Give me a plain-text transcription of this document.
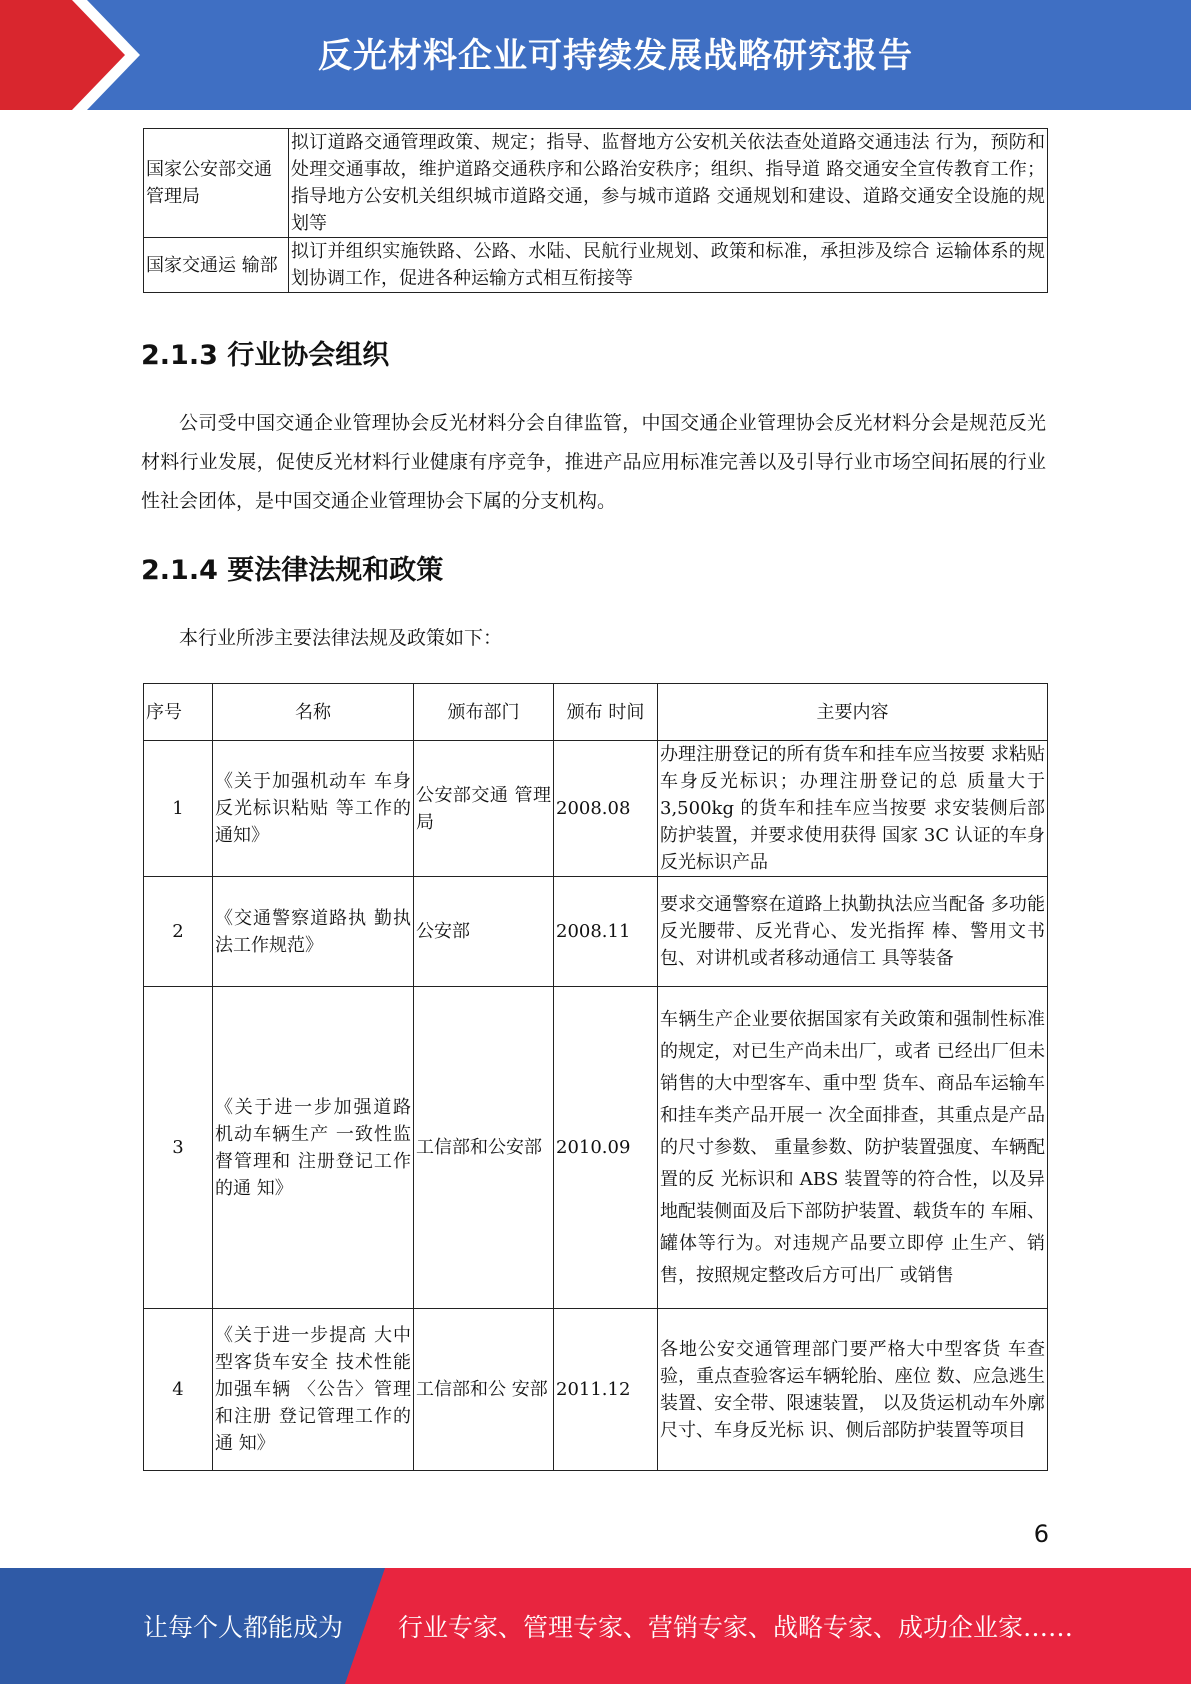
反光材料企业可持续发展战略研究报告
国家公安部交通管理局	拟订道路交通管理政策、规定；指导、监督地方公安机关依法查处道路交通违法 行为，预防和处理交通事故，维护道路交通秩序和公路治安秩序；组织、指导道 路交通安全宣传教育工作；指导地方公安机关组织城市道路交通，参与城市道路 交通规划和建设、道路交通安全设施的规划等
国家交通运 输部	拟订并组织实施铁路、公路、水陆、民航行业规划、政策和标准，承担涉及综合 运输体系的规划协调工作，促进各种运输方式相互衔接等
2.1.3 行业协会组织
公司受中国交通企业管理协会反光材料分会自律监管，中国交通企业管理协会反光材料分会是规范反光材料行业发展，促使反光材料行业健康有序竞争，推进产品应用标准完善以及引导行业市场空间拓展的行业性社会团体，是中国交通企业管理协会下属的分支机构。
2.1.4 要法律法规和政策
本行业所涉主要法律法规及政策如下：
序号	名称	颁布部门	颁布 时间	主要内容
1	《关于加强机动车 车身反光标识粘贴 等工作的通知》	公安部交通 管理局	2008.08	办理注册登记的所有货车和挂车应当按要 求粘贴车身反光标识；办理注册登记的总 质量大于 3,500kg 的货车和挂车应当按要 求安装侧后部防护装置，并要求使用获得 国家 3C 认证的车身反光标识产品
2	《交通警察道路执 勤执法工作规范》	公安部	2008.11	要求交通警察在道路上执勤执法应当配备 多功能反光腰带、反光背心、发光指挥 棒、警用文书包、对讲机或者移动通信工 具等装备
3	《关于进一步加强道路机动车辆生产 一致性监督管理和 注册登记工作的通 知》	工信部和公安部	2010.09	车辆生产企业要依据国家有关政策和强制性标准的规定，对已生产尚未出厂，或者 已经出厂但未销售的大中型客车、重中型 货车、商品车运输车和挂车类产品开展一 次全面排查，其重点是产品的尺寸参数、 重量参数、防护装置强度、车辆配置的反 光标识和 ABS 装置等的符合性，以及异 地配装侧面及后下部防护装置、载货车的 车厢、罐体等行为。对违规产品要立即停 止生产、销售，按照规定整改后方可出厂 或销售
4	《关于进一步提高 大中型客货车安全 技术性能加强车辆 〈公告〉管理和注册 登记管理工作的通 知》	工信部和公 安部	2011.12	各地公安交通管理部门要严格大中型客货 车查验，重点查验客运车辆轮胎、座位 数、应急逃生装置、安全带、限速装置， 以及货运机动车外廓尺寸、车身反光标 识、侧后部防护装置等项目
6
让每个人都能成为 行业专家、管理专家、营销专家、战略专家、成功企业家……
